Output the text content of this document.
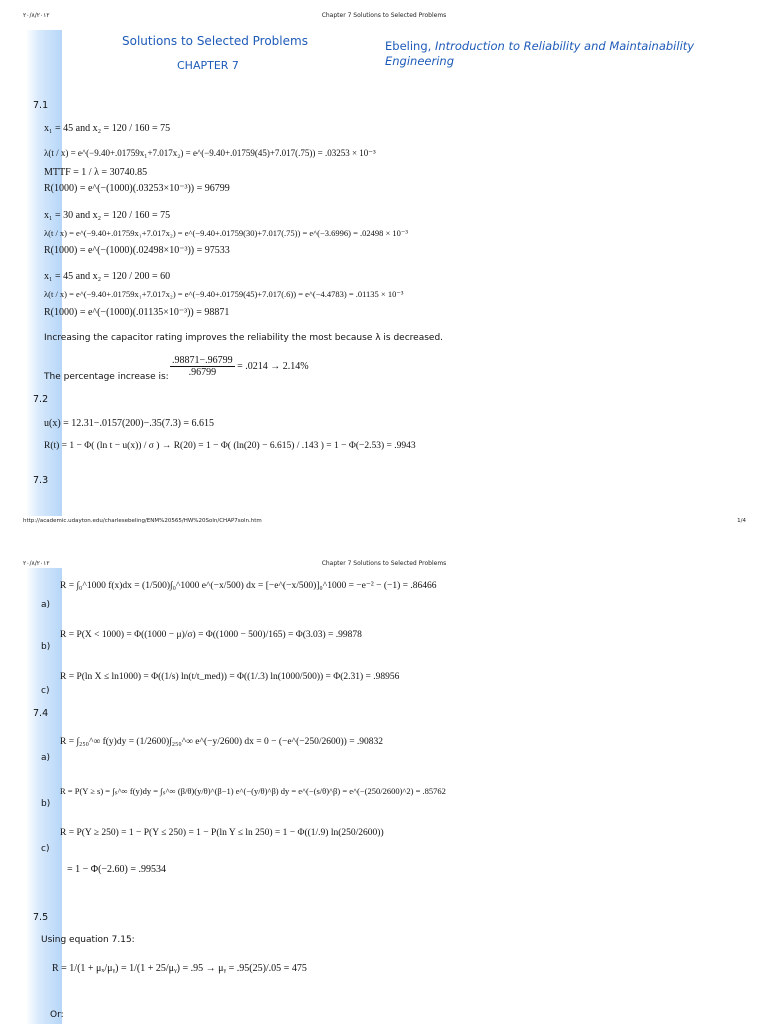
۲۰/۸/۲۰۱۲	Chapter 7 Solutions to Selected Problems
Solutions to Selected Problems
CHAPTER 7
Ebeling, Introduction to Reliability and Maintainability Engineering
7.1
x₁ = 45 and x₂ = 120 / 160 = 75
λ(t / x) = e^(−9.40+.01759x₁+7.017x₂) = e^(−9.40+.01759(45)+7.017(.75)) = .03253 × 10⁻³
MTTF = 1 / λ = 30740.85
R(1000) = e^(−(1000)(.03253×10⁻³)) = 96799
x₁ = 30 and x₂ = 120 / 160 = 75
λ(t / x) = e^(−9.40+.01759x₁+7.017x₂) = e^(−9.40+.01759(30)+7.017(.75)) = e^(−3.6996) = .02498 × 10⁻³
R(1000) = e^(−(1000)(.02498×10⁻³)) = 97533
x₁ = 45 and x₂ = 120 / 200 = 60
λ(t / x) = e^(−9.40+.01759x₁+7.017x₂) = e^(−9.40+.01759(45)+7.017(.6)) = e^(−4.4783) = .01135 × 10⁻³
R(1000) = e^(−(1000)(.01135×10⁻³)) = 98871
Increasing the capacitor rating improves the reliability the most because λ is decreased.
The percentage increase is: $\frac{.98871-.96799}{.96799} = .0214 \to 2.14\%$
7.2
u(x) = 12.31−.0157(200)−.35(7.3) = 6.615
R(t) = 1 − Φ( (ln t − u(x)) / σ ) → R(20) = 1 − Φ( (ln(20) − 6.615) / .143 ) = 1 − Φ(−2.53) = .9943
7.3
http://academic.udayton.edu/charlesebeling/ENM%20565/HW%20Soln/CHAP7soln.htm	1/4
۲۰/۸/۲۰۱۲	Chapter 7 Solutions to Selected Problems
R = ∫₀^1000 f(x)dx = (1/500)∫₀^1000 e^(−x/500) dx = [−e^(−x/500)]₀^1000 = −e⁻² − (−1) = .86466
a)
R = P(X < 1000) = Φ((1000 − μ)/σ) = Φ((1000 − 500)/165) = Φ(3.03) = .99878
b)
R = P(ln X ≤ ln1000) = Φ((1/s) ln(t/t_med)) = Φ((1/.3) ln(1000/500)) = Φ(2.31) = .98956
c)
7.4
R = ∫₂₅₀^∞ f(y)dy = (1/2600)∫₂₅₀^∞ e^(−y/2600) dx = 0 − (−e^(−250/2600)) = .90832
a)
R = P(Y ≥ s) = ∫ₛ^∞ f(y)dy = ∫ₛ^∞ (β/θ)(y/θ)^(β−1) e^(−(y/θ)^β) dy = e^(−(s/θ)^β) = e^(−(250/2600)^2) = .85762
b)
R = P(Y ≥ 250) = 1 − P(Y ≤ 250) = 1 − P(ln Y ≤ ln 250) = 1 − Φ((1/.9) ln(250/2600))
c)
= 1 − Φ(−2.60) = .99534
7.5
Using equation 7.15:
R = 1/(1 + μₓ/μᵧ) = 1/(1 + 25/μᵧ) = .95 → μᵧ = .95(25)/.05 = 475
Or:
